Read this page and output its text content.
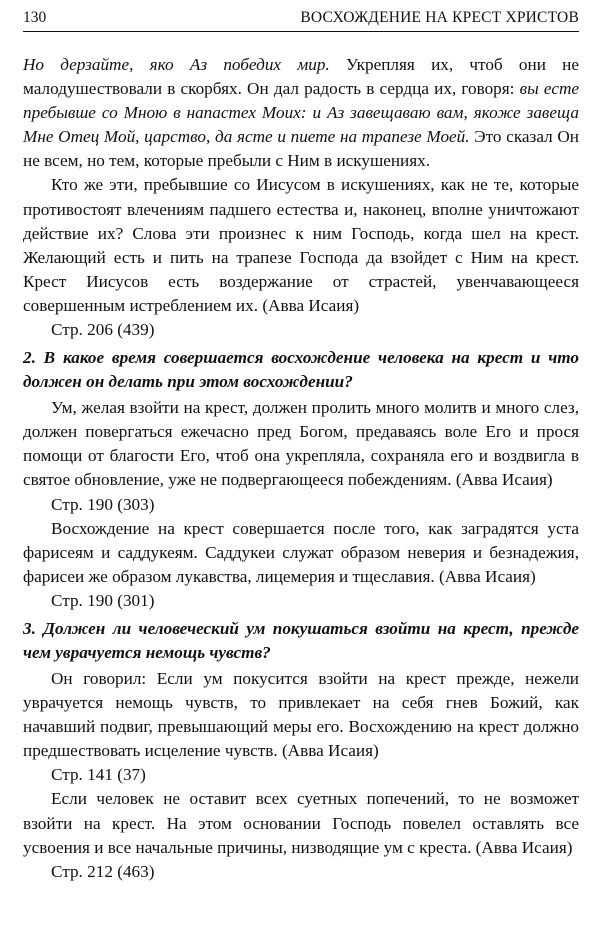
130	ВОСХОЖДЕНИЕ НА КРЕСТ ХРИСТОВ

Но дерзайте, яко Аз победих мир. Укрепляя их, чтоб они не малодушествовали в скорбях. Он дал радость в сердца их, говоря: вы есте пребывше со Мною в напастех Моих: и Аз завещаваю вам, якоже завеща Мне Отец Мой, царство, да ясте и пиете на трапезе Моей. Это сказал Он не всем, но тем, которые пребыли с Ним в искушениях.

Кто же эти, пребывшие со Иисусом в искушениях, как не те, которые противостоят влечениям падшего естества и, наконец, вполне уничтожают действие их? Слова эти произнес к ним Господь, когда шел на крест. Желающий есть и пить на трапезе Господа да взойдет с Ним на крест. Крест Иисусов есть воздержание от страстей, увенчавающееся совершенным истреблением их. (Авва Исаия)

Стр. 206 (439)

2. В какое время совершается восхождение человека на крест и что должен он делать при этом восхождении?

Ум, желая взойти на крест, должен пролить много молитв и много слез, должен повергаться ежечасно пред Богом, предаваясь воле Его и прося помощи от благости Его, чтоб она укрепляла, сохраняла его и воздвигла в святое обновление, уже не подвергающееся побеждениям. (Авва Исаия)

Стр. 190 (303)

Восхождение на крест совершается после того, как заградятся уста фарисеям и саддукеям. Саддукеи служат образом неверия и безнадежия, фарисеи же образом лукавства, лицемерия и тщеславия. (Авва Исаия)

Стр. 190 (301)

3. Должен ли человеческий ум покушаться взойти на крест, прежде чем уврачуется немощь чувств?

Он говорил: Если ум покусится взойти на крест прежде, нежели уврачуется немощь чувств, то привлекает на себя гнев Божий, как начавший подвиг, превышающий меры его. Восхождению на крест должно предшествовать исцеление чувств. (Авва Исаия)

Стр. 141 (37)

Если человек не оставит всех суетных попечений, то не возможет взойти на крест. На этом основании Господь повелел оставлять все усвоения и все начальные причины, низводящие ум с креста. (Авва Исаия)

Стр. 212 (463)
